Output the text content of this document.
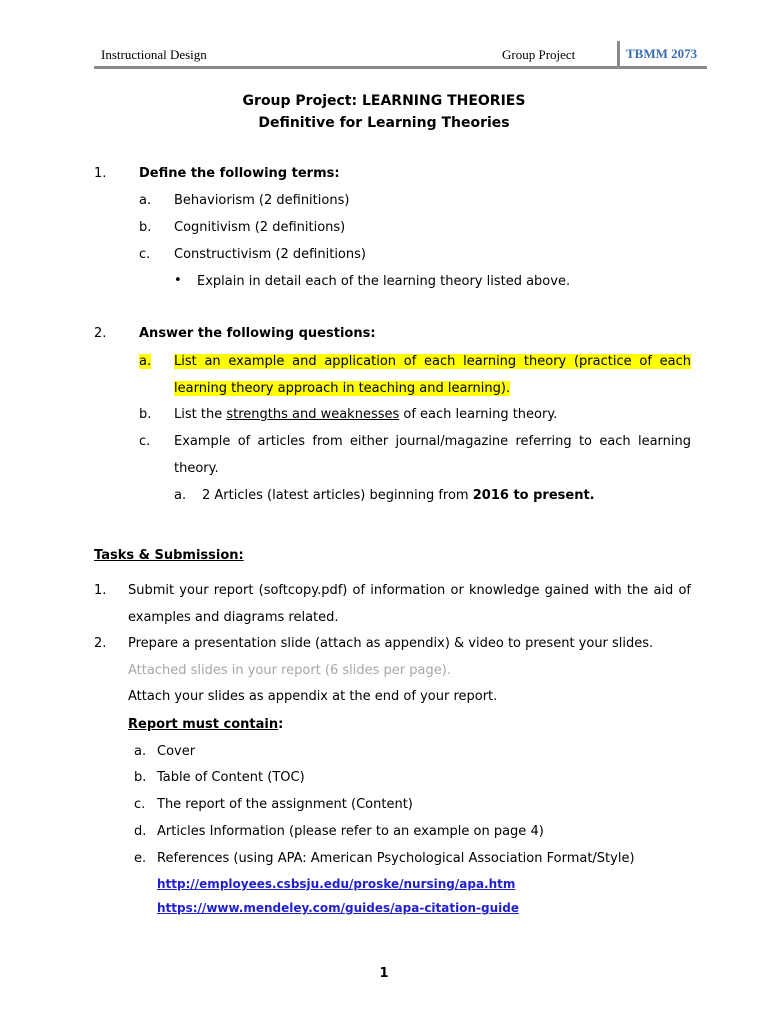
Instructional Design	Group Project	TBMM 2073
Group Project: LEARNING THEORIES
Definitive for Learning Theories
1.	Define the following terms:
a. Behaviorism (2 definitions)
b. Cognitivism (2 definitions)
c. Constructivism (2 definitions)
• Explain in detail each of the learning theory listed above.
2.	Answer the following questions:
a. List an example and application of each learning theory (practice of each learning theory approach in teaching and learning).
b. List the strengths and weaknesses of each learning theory.
c. Example of articles from either journal/magazine referring to each learning theory.
a. 2 Articles (latest articles) beginning from 2016 to present.
Tasks & Submission:
1. Submit your report (softcopy.pdf) of information or knowledge gained with the aid of examples and diagrams related.
2. Prepare a presentation slide (attach as appendix) & video to present your slides.
Attached slides in your report (6 slides per page).
Attach your slides as appendix at the end of your report.
Report must contain:
a. Cover
b. Table of Content (TOC)
c. The report of the assignment (Content)
d. Articles Information (please refer to an example on page 4)
e. References (using APA: American Psychological Association Format/Style)
http://employees.csbsju.edu/proske/nursing/apa.htm
https://www.mendeley.com/guides/apa-citation-guide
1
